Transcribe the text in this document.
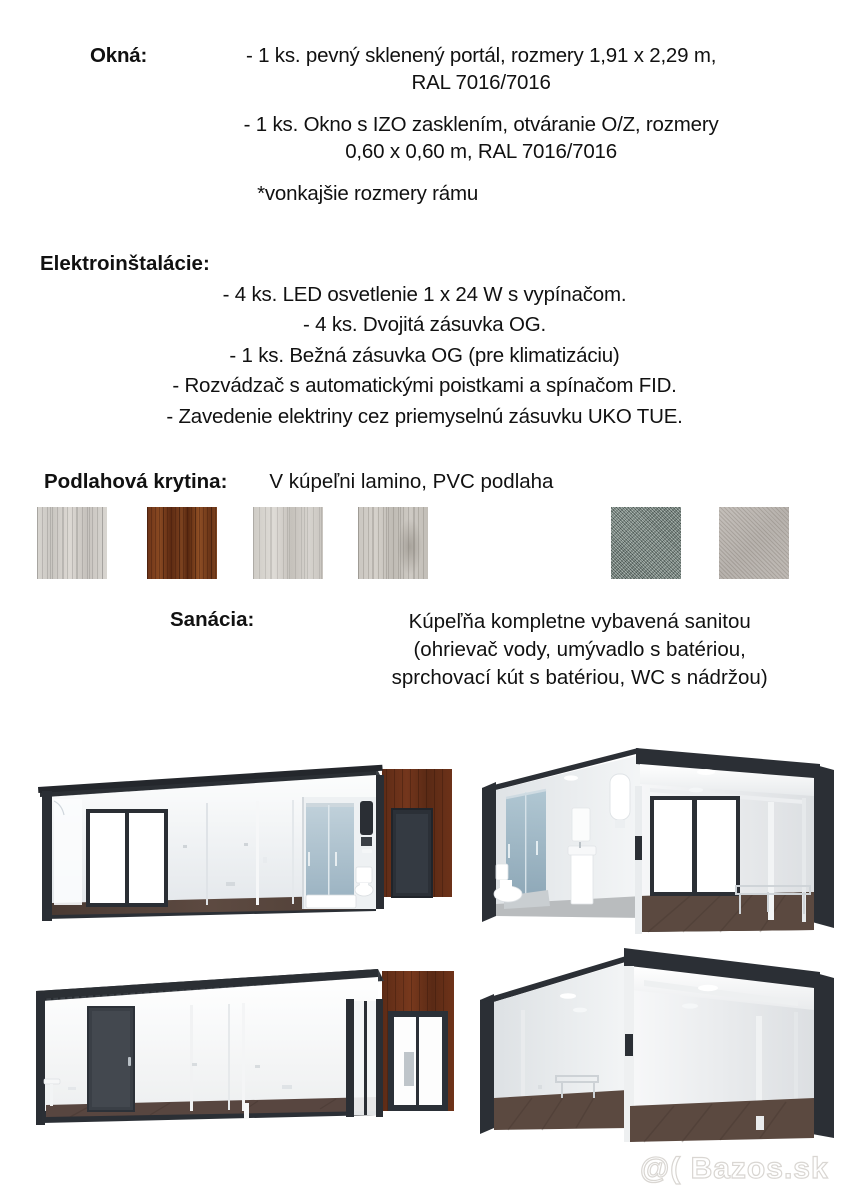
Okná:	- 1 ks. pevný sklenený portál, rozmery 1,91 x 2,29 m,
RAL 7016/7016
- 1 ks. Okno s IZO zasklením, otváranie O/Z, rozmery
0,60 x 0,60 m, RAL 7016/7016
*vonkajšie rozmery rámu
Elektroinštalácie:
- 4 ks. LED osvetlenie 1 x 24 W s vypínačom.
- 4 ks. Dvojitá zásuvka OG.
- 1 ks. Bežná zásuvka OG (pre klimatizáciu)
- Rozvádzač s automatickými poistkami a spínačom FID.
- Zavedenie elektriny cez priemyselnú zásuvku UKO TUE.
Podlahová krytina: V kúpeľni lamino, PVC podlaha
Sanácia:	Kúpeľňa kompletne vybavená sanitou
(ohrievač vody, umývadlo s batériou,
sprchovací kút s batériou, WC s nádržou)
@( Bazos.sk
